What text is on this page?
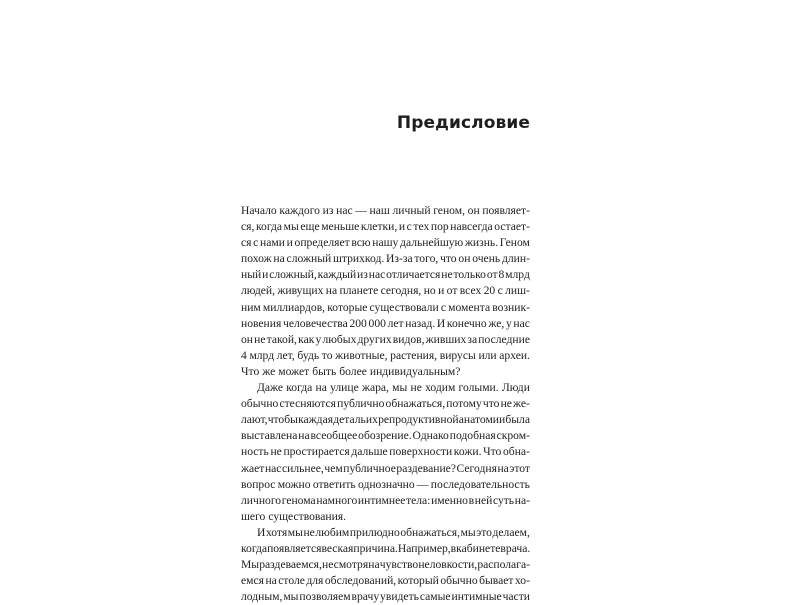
Предисловие
Начало каждого из нас — наш личный геном, он появляет-
ся, когда мы еще меньше клетки, и с тех пор навсегда остает-
ся с нами и определяет всю нашу дальнейшую жизнь. Геном
похож на сложный штрихкод. Из-за того, что он очень длин-
ный и сложный, каждый из нас отличается не только от 8 млрд
людей, живущих на планете сегодня, но и от всех 20 с лиш-
ним миллиардов, которые существовали с момента возник-
новения человечества 200 000 лет назад. И конечно же, у нас
он не такой, как у любых других видов, живших за последние
4 млрд лет, будь то животные, растения, вирусы или археи.
Что же может быть более индивидуальным?
Даже когда на улице жара, мы не ходим голыми. Люди
обычно стесняются публично обнажаться, потому что не же-
лают, чтобы каждая деталь их репродуктивной анатомии была
выставлена на всеобщее обозрение. Однако подобная скром-
ность не простирается дальше поверхности кожи. Что обна-
жает нас сильнее, чем публичное раздевание? Сегодня на этот
вопрос можно ответить однозначно — последовательность
личного генома намного интимнее тела: именно в ней суть на-
шего существования.
И хотя мы не любим прилюдно обнажаться, мы это делаем,
когда появляется веская причина. Например, в кабинете врача.
Мы раздеваемся, несмотря на чувство неловкости, располага-
емся на столе для обследований, который обычно бывает хо-
лодным, мы позволяем врачу увидеть самые интимные части
